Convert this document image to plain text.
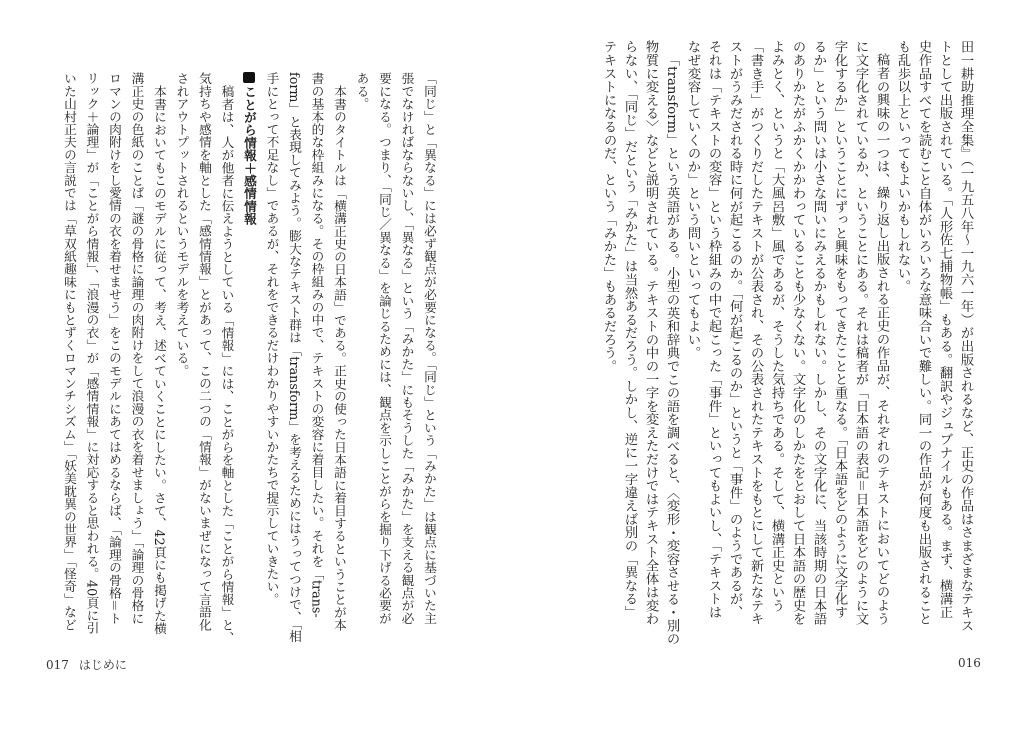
田一耕助推理全集』（一九五八年〜一九六一年）が出版されるなど、正史の作品はさまざまなテキス
トとして出版されている。「人形佐七捕物帳」もある。翻訳やジュブナイルもある。まず、横溝正
史作品すべてを読むこと自体がいろいろな意味合いで難しい。同一の作品が何度も出版されること
も乱歩以上といってもよいかもしれない。
稿者の興味の一つは、繰り返し出版される正史の作品が、それぞれのテキストにおいてどのよう
に文字化されているか、ということにある。それは稿者が「日本語の表記＝日本語をどのように文
字化するか」ということにずっと興味をもってきたことと重なる。「日本語をどのように文字化す
るか」という問いは小さな問いにみえるかもしれない。しかし、その文字化に、当該時期の日本語
のありかたがふかくかかわっていることも少なくない。文字化のしかたをとおして日本語の歴史を
よみとく、というと「大風呂敷」風であるが、そうした気持ちである。そして、横溝正史という
「書き手」がつくりだしたテキストが公表され、その公表されたテキストをもとにして新たなテキ
ストがうみだされる時に何が起こるのか。「何が起こるのか」というと「事件」のようであるが、
それは「テキストの変容」という枠組みの中で起こった「事件」といってもよいし、「テキストは
なぜ変容していくのか」という問いといってもよい。
「transform」という英語がある。小型の英和辞典でこの語を調べると、〈変形・変容させる・別の
物質に変える〉などと説明されている。テキストの中の一字を変えただけではテキスト全体は変わ
らない、「同じ」だという「みかた」は当然あるだろう。しかし、逆に一字違えば別の「異なる」
テキストになるのだ、という「みかた」もあるだろう。
「同じ」と「異なる」には必ず観点が必要になる。「同じ」という「みかた」は観点に基づいた主
張でなければならないし、「異なる」という「みかた」にもそうした「みかた」を支える観点が必
要になる。つまり、「同じ／異なる」を論じるためには、観点を示しことがらを掘り下げる必要が
ある。
本書のタイトルは「横溝正史の日本語」である。正史の使った日本語に着目するということが本
書の基本的な枠組みになる。その枠組みの中で、テキストの変容に着目したい。それを「trans-
form」と表現してみよう。膨大なテキスト群は「transform」を考えるためにはうってつけで、「相
手にとって不足なし」であるが、それをできるだけわかりやすいかたちで提示していきたい。
ことがら情報＋感情情報
稿者は、人が他者に伝えようとしている「情報」には、ことがらを軸とした「ことがら情報」と、
気持ちや感情を軸とした「感情情報」とがあって、この二つの「情報」がないまぜになって言語化
されアウトプットされるというモデルを考えている。
本書においてもこのモデルに従って、考え、述べていくことにしたい。さて、42頁にも掲げた横
溝正史の色紙のことば「謎の骨格に論理の肉附けをして浪漫の衣を着せましょう」「論理の骨格に
ロマンの肉附けをし愛情の衣を着せませう」をこのモデルにあてはめるならば、「論理の骨格＝ト
リック＋論理」が「ことがら情報」、「浪漫の衣」が「感情情報」に対応すると思われる。40頁に引
いた山村正夫の言説では「草双紙趣味にもとずくロマンチシズム」「妖美耽異の世界」「怪奇」など
017 はじめに	016
